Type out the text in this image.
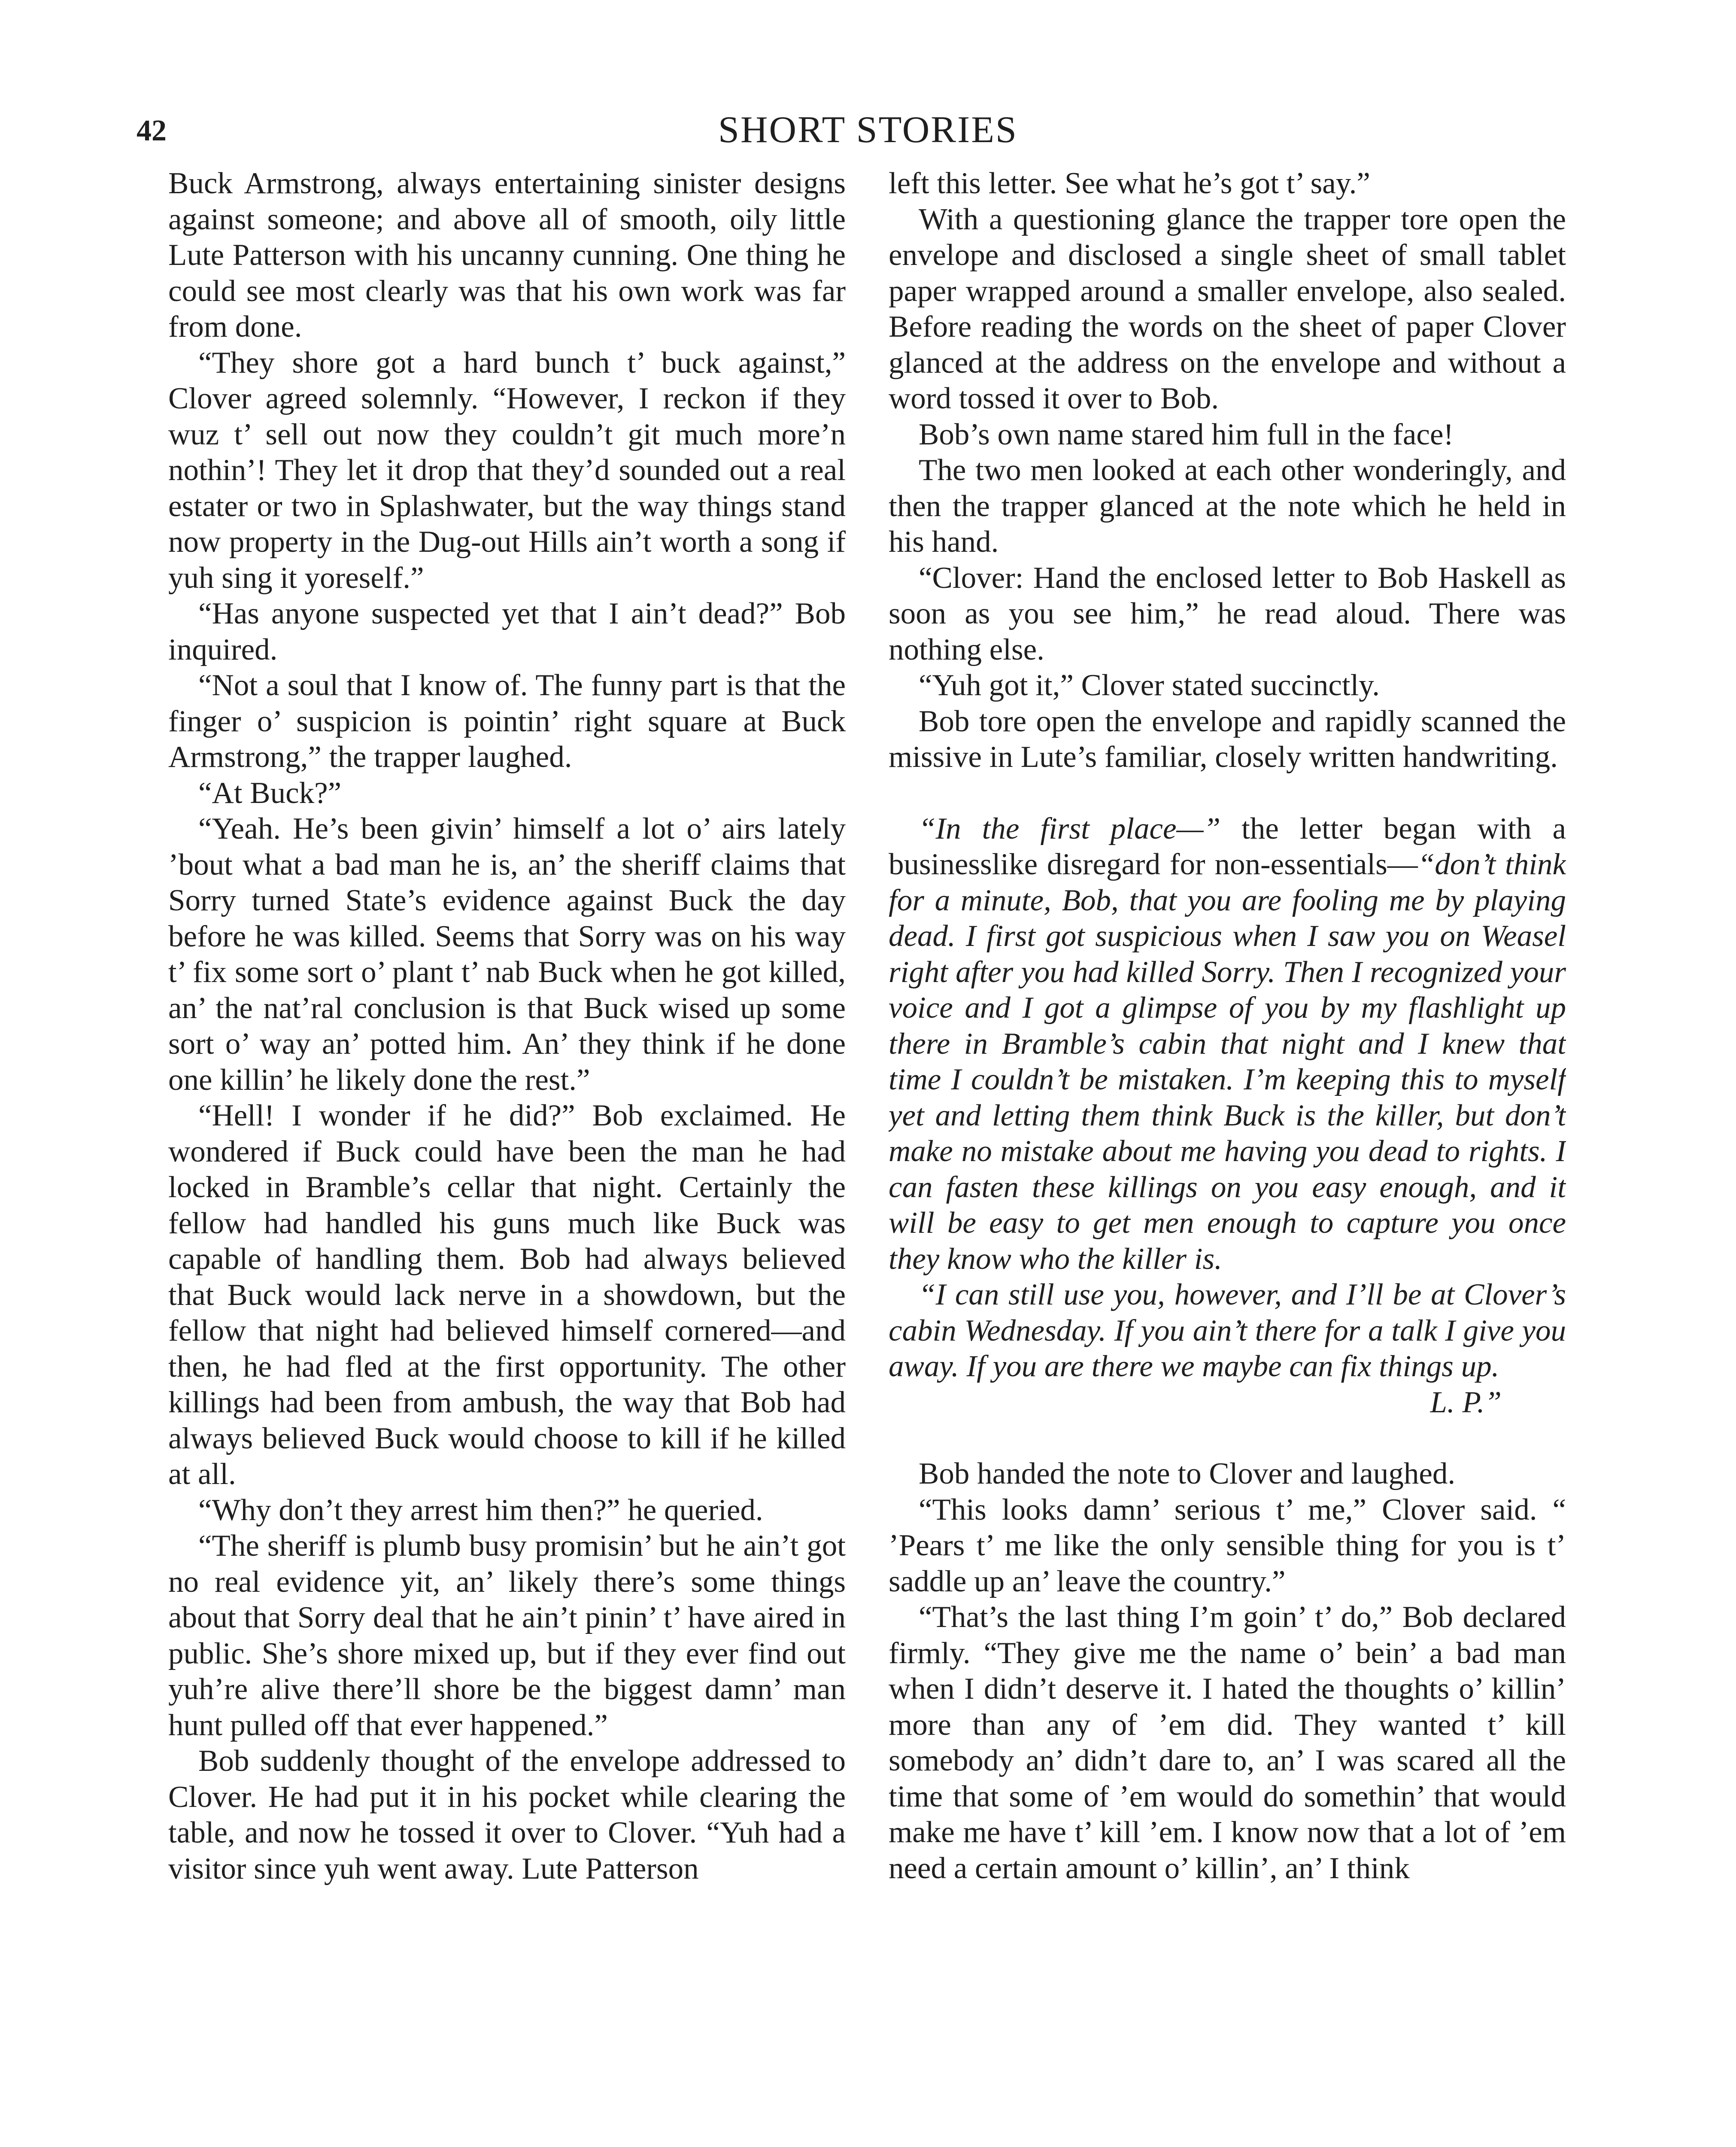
42	SHORT STORIES

Buck Armstrong, always entertaining sinister designs against someone; and above all of smooth, oily little Lute Patterson with his uncanny cunning. One thing he could see most clearly was that his own work was far from done.

“They shore got a hard bunch t’ buck against,” Clover agreed solemnly. “However, I reckon if they wuz t’ sell out now they couldn’t git much more’n nothin’! They let it drop that they’d sounded out a real estater or two in Splashwater, but the way things stand now property in the Dug-out Hills ain’t worth a song if yuh sing it yoreself.”

“Has anyone suspected yet that I ain’t dead?” Bob inquired.

“Not a soul that I know of. The funny part is that the finger o’ suspicion is pointin’ right square at Buck Armstrong,” the trapper laughed.

“At Buck?”

“Yeah. He’s been givin’ himself a lot o’ airs lately ’bout what a bad man he is, an’ the sheriff claims that Sorry turned State’s evidence against Buck the day before he was killed. Seems that Sorry was on his way t’ fix some sort o’ plant t’ nab Buck when he got killed, an’ the nat’ral conclusion is that Buck wised up some sort o’ way an’ potted him. An’ they think if he done one killin’ he likely done the rest.”

“Hell! I wonder if he did?” Bob exclaimed. He wondered if Buck could have been the man he had locked in Bramble’s cellar that night. Certainly the fellow had handled his guns much like Buck was capable of handling them. Bob had always believed that Buck would lack nerve in a showdown, but the fellow that night had believed himself cornered—and then, he had fled at the first opportunity. The other killings had been from ambush, the way that Bob had always believed Buck would choose to kill if he killed at all.

“Why don’t they arrest him then?” he queried.

“The sheriff is plumb busy promisin’ but he ain’t got no real evidence yit, an’ likely there’s some things about that Sorry deal that he ain’t pinin’ t’ have aired in public. She’s shore mixed up, but if they ever find out yuh’re alive there’ll shore be the biggest damn’ man hunt pulled off that ever happened.”

Bob suddenly thought of the envelope addressed to Clover. He had put it in his pocket while clearing the table, and now he tossed it over to Clover. “Yuh had a visitor since yuh went away. Lute Patterson

left this letter. See what he’s got t’ say.”

With a questioning glance the trapper tore open the envelope and disclosed a single sheet of small tablet paper wrapped around a smaller envelope, also sealed. Before reading the words on the sheet of paper Clover glanced at the address on the envelope and without a word tossed it over to Bob.

Bob’s own name stared him full in the face!

The two men looked at each other wonderingly, and then the trapper glanced at the note which he held in his hand.

“Clover: Hand the enclosed letter to Bob Haskell as soon as you see him,” he read aloud. There was nothing else.

“Yuh got it,” Clover stated succinctly.

Bob tore open the envelope and rapidly scanned the missive in Lute’s familiar, closely written handwriting.

“In the first place—” the letter began with a businesslike disregard for non-essentials—“don’t think for a minute, Bob, that you are fooling me by playing dead. I first got suspicious when I saw you on Weasel right after you had killed Sorry. Then I recognized your voice and I got a glimpse of you by my flashlight up there in Bramble’s cabin that night and I knew that time I couldn’t be mistaken. I’m keeping this to myself yet and letting them think Buck is the killer, but don’t make no mistake about me having you dead to rights. I can fasten these killings on you easy enough, and it will be easy to get men enough to capture you once they know who the killer is.

“I can still use you, however, and I’ll be at Clover’s cabin Wednesday. If you ain’t there for a talk I give you away. If you are there we maybe can fix things up.

L. P.”

Bob handed the note to Clover and laughed.

“This looks damn’ serious t’ me,” Clover said. “ ’Pears t’ me like the only sensible thing for you is t’ saddle up an’ leave the country.”

“That’s the last thing I’m goin’ t’ do,” Bob declared firmly. “They give me the name o’ bein’ a bad man when I didn’t deserve it. I hated the thoughts o’ killin’ more than any of ’em did. They wanted t’ kill somebody an’ didn’t dare to, an’ I was scared all the time that some of ’em would do somethin’ that would make me have t’ kill ’em. I know now that a lot of ’em need a certain amount o’ killin’, an’ I think
